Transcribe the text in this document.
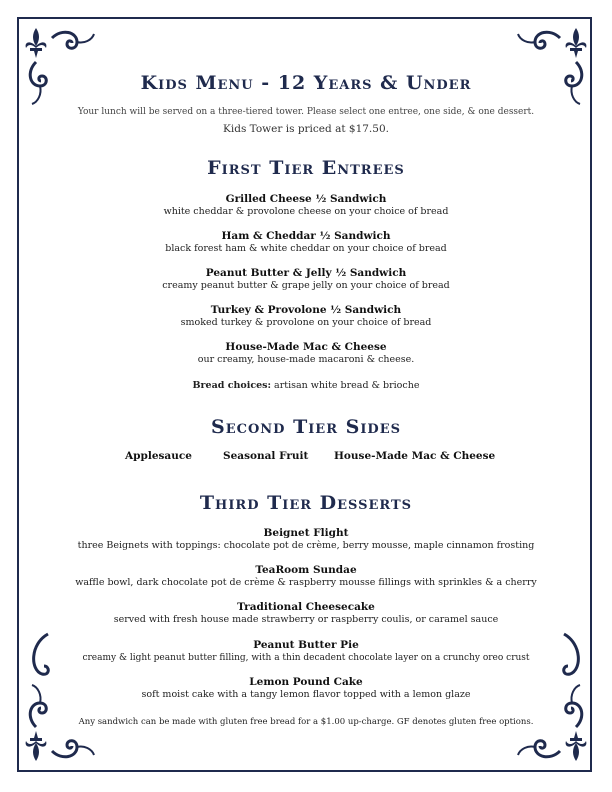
Kids Menu - 12 Years & Under
Your lunch will be served on a three-tiered tower. Please select one entree, one side, & one dessert.
Kids Tower is priced at $17.50.
First Tier Entrees
Grilled Cheese ½ Sandwich
white cheddar & provolone cheese on your choice of bread
Ham & Cheddar ½ Sandwich
black forest ham & white cheddar on your choice of bread
Peanut Butter & Jelly ½ Sandwich
creamy peanut butter & grape jelly on your choice of bread
Turkey & Provolone ½ Sandwich
smoked turkey & provolone on your choice of bread
House-Made Mac & Cheese
our creamy, house-made macaroni & cheese.
Bread choices: artisan white bread & brioche
Second Tier Sides
Applesauce	Seasonal Fruit House-Made Mac & Cheese
Third Tier Desserts
Beignet Flight
three Beignets with toppings: chocolate pot de crème, berry mousse, maple cinnamon frosting
TeaRoom Sundae
waffle bowl, dark chocolate pot de crème & raspberry mousse fillings with sprinkles & a cherry
Traditional Cheesecake
served with fresh house made strawberry or raspberry coulis, or caramel sauce
Peanut Butter Pie
creamy & light peanut butter filling, with a thin decadent chocolate layer on a crunchy oreo crust
Lemon Pound Cake
soft moist cake with a tangy lemon flavor topped with a lemon glaze
Any sandwich can be made with gluten free bread for a $1.00 up-charge. GF denotes gluten free options.
